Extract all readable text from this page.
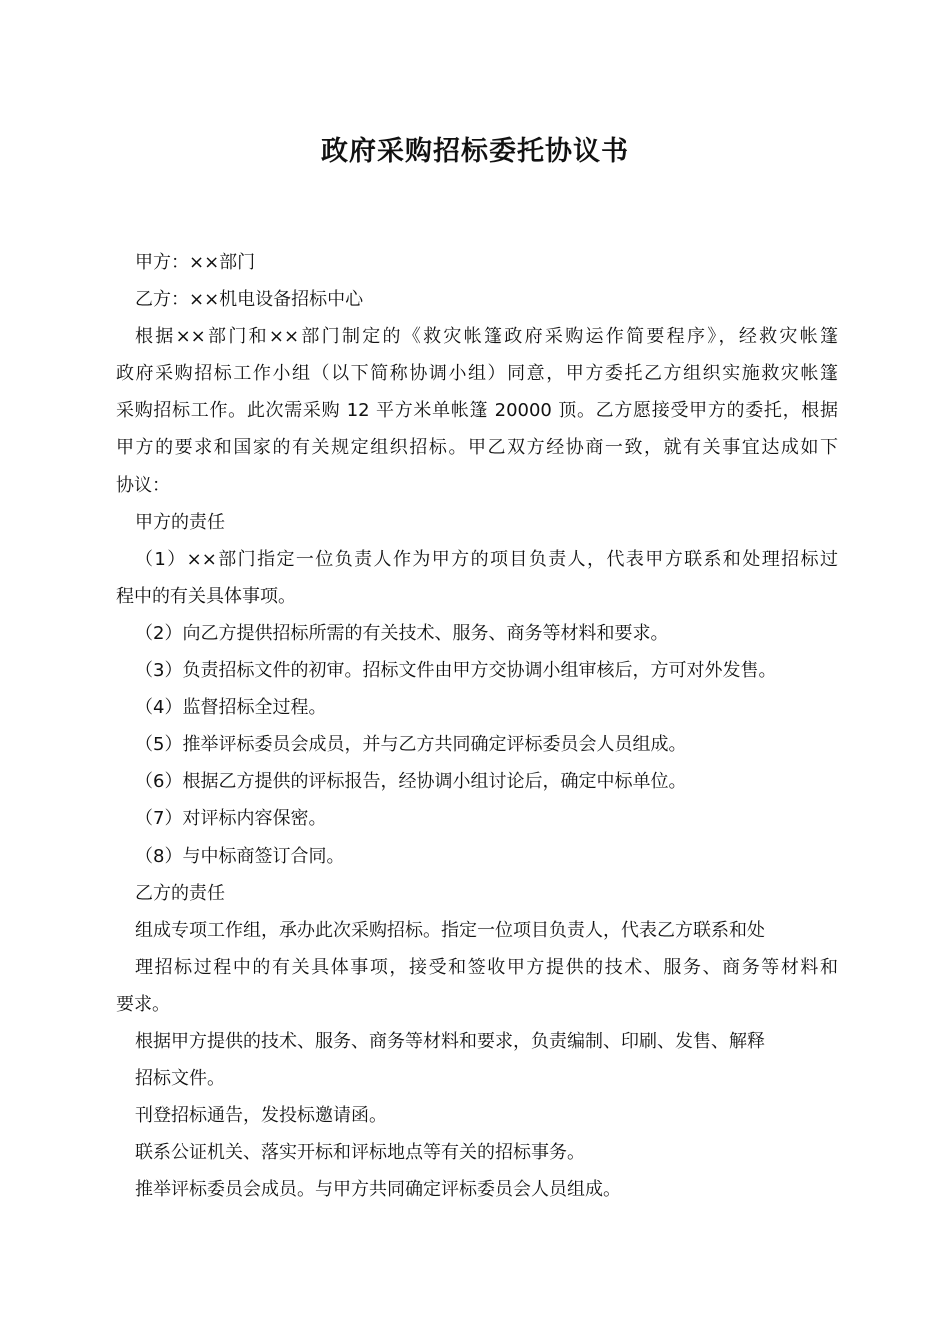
政府采购招标委托协议书

甲方：××部门

乙方：××机电设备招标中心

根据××部门和××部门制定的《救灾帐篷政府采购运作简要程序》，经救灾帐篷

政府采购招标工作小组（以下简称协调小组）同意，甲方委托乙方组织实施救灾帐篷

采购招标工作。此次需采购 12 平方米单帐篷 20000 顶。乙方愿接受甲方的委托，根据

甲方的要求和国家的有关规定组织招标。甲乙双方经协商一致，就有关事宜达成如下

协议：

甲方的责任

（1）××部门指定一位负责人作为甲方的项目负责人，代表甲方联系和处理招标过

程中的有关具体事项。

（2）向乙方提供招标所需的有关技术、服务、商务等材料和要求。

（3）负责招标文件的初审。招标文件由甲方交协调小组审核后，方可对外发售。

（4）监督招标全过程。

（5）推举评标委员会成员，并与乙方共同确定评标委员会人员组成。

（6）根据乙方提供的评标报告，经协调小组讨论后，确定中标单位。

（7）对评标内容保密。

（8）与中标商签订合同。

乙方的责任

组成专项工作组，承办此次采购招标。指定一位项目负责人，代表乙方联系和处

理招标过程中的有关具体事项，接受和签收甲方提供的技术、服务、商务等材料和

要求。

根据甲方提供的技术、服务、商务等材料和要求，负责编制、印刷、发售、解释

招标文件。

刊登招标通告，发投标邀请函。

联系公证机关、落实开标和评标地点等有关的招标事务。

推举评标委员会成员。与甲方共同确定评标委员会人员组成。
